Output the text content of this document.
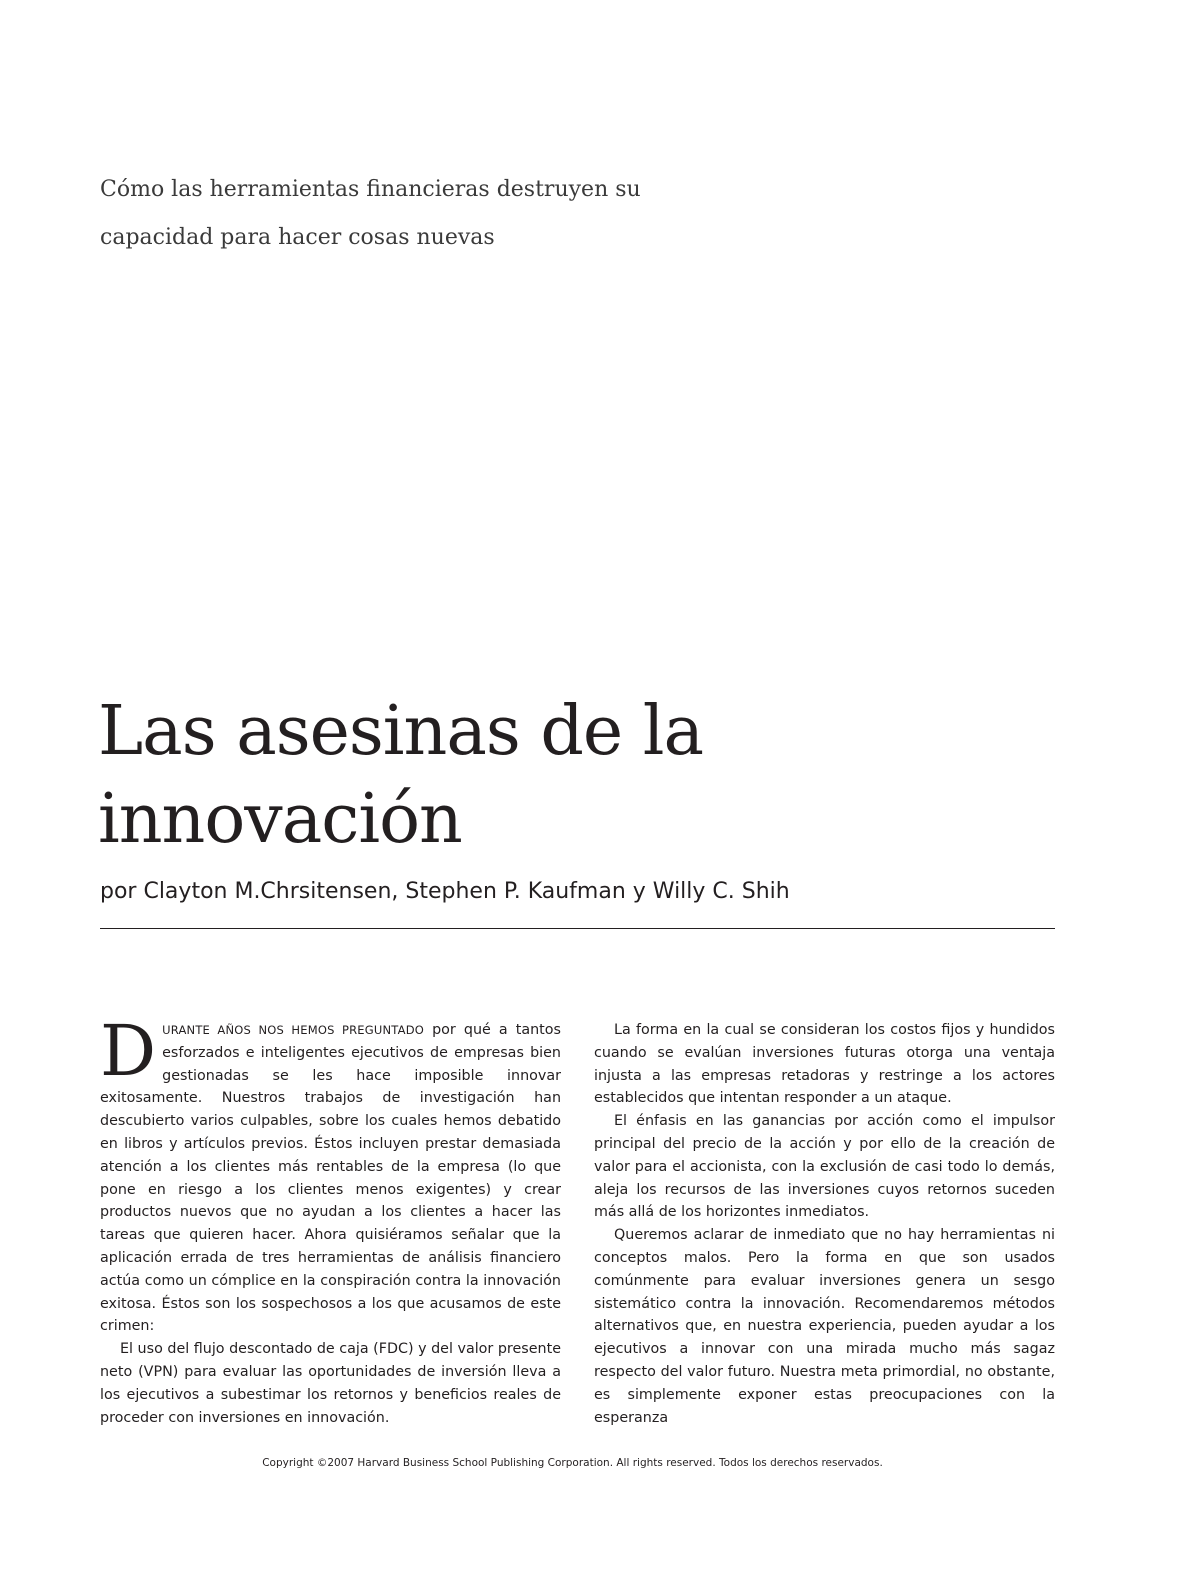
Cómo las herramientas financieras destruyen su capacidad para hacer cosas nuevas

Las asesinas de la innovación

por Clayton M.Chrsitensen, Stephen P. Kaufman y Willy C. Shih

DURANTE AÑOS NOS HEMOS PREGUNTADO por qué a tantos esforzados e inteligentes ejecutivos de empresas bien gestionadas se les hace imposible innovar exitosamente. Nuestros trabajos de investigación han descubierto varios culpables, sobre los cuales hemos debatido en libros y artículos previos. Éstos incluyen prestar demasiada atención a los clientes más rentables de la empresa (lo que pone en riesgo a los clientes menos exigentes) y crear productos nuevos que no ayudan a los clientes a hacer las tareas que quieren hacer. Ahora quisiéramos señalar que la aplicación errada de tres herramientas de análisis financiero actúa como un cómplice en la conspiración contra la innovación exitosa. Éstos son los sospechosos a los que acusamos de este crimen:

El uso del flujo descontado de caja (FDC) y del valor presente neto (VPN) para evaluar las oportunidades de inversión lleva a los ejecutivos a subestimar los retornos y beneficios reales de proceder con inversiones en innovación.

La forma en la cual se consideran los costos fijos y hundidos cuando se evalúan inversiones futuras otorga una ventaja injusta a las empresas retadoras y restringe a los actores establecidos que intentan responder a un ataque.

El énfasis en las ganancias por acción como el impulsor principal del precio de la acción y por ello de la creación de valor para el accionista, con la exclusión de casi todo lo demás, aleja los recursos de las inversiones cuyos retornos suceden más allá de los horizontes inmediatos.

Queremos aclarar de inmediato que no hay herramientas ni conceptos malos. Pero la forma en que son usados comúnmente para evaluar inversiones genera un sesgo sistemático contra la innovación. Recomendaremos métodos alternativos que, en nuestra experiencia, pueden ayudar a los ejecutivos a innovar con una mirada mucho más sagaz respecto del valor futuro. Nuestra meta primordial, no obstante, es simplemente exponer estas preocupaciones con la esperanza

Copyright ©2007 Harvard Business School Publishing Corporation. All rights reserved. Todos los derechos reservados.
